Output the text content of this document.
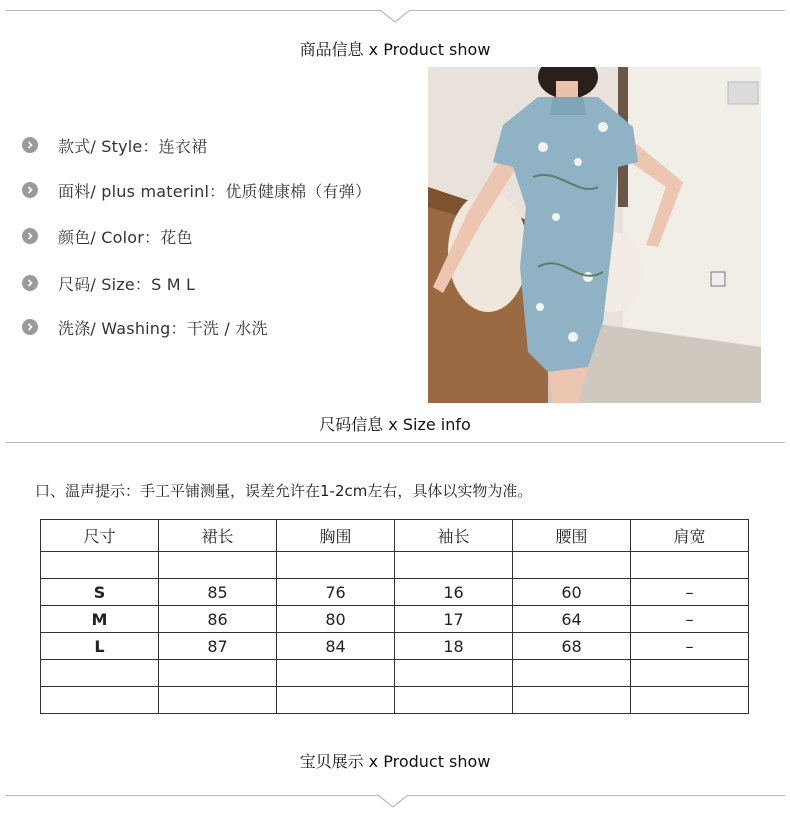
商品信息 x Product show
款式/ Style：连衣裙
面料/ plus materinl：优质健康棉（有弹）
颜色/ Color：花色
尺码/ Size：S M L
洗涤/ Washing：干洗 / 水洗
尺码信息 x Size info
口、温声提示：手工平铺测量，误差允许在1-2cm左右，具体以实物为准。
尺寸	裙长	胸围	袖长	腰围	肩宽

S	85	76	16	60	–
M	86	80	17	64	–
L	87	84	18	68	–

宝贝展示 x Product show
